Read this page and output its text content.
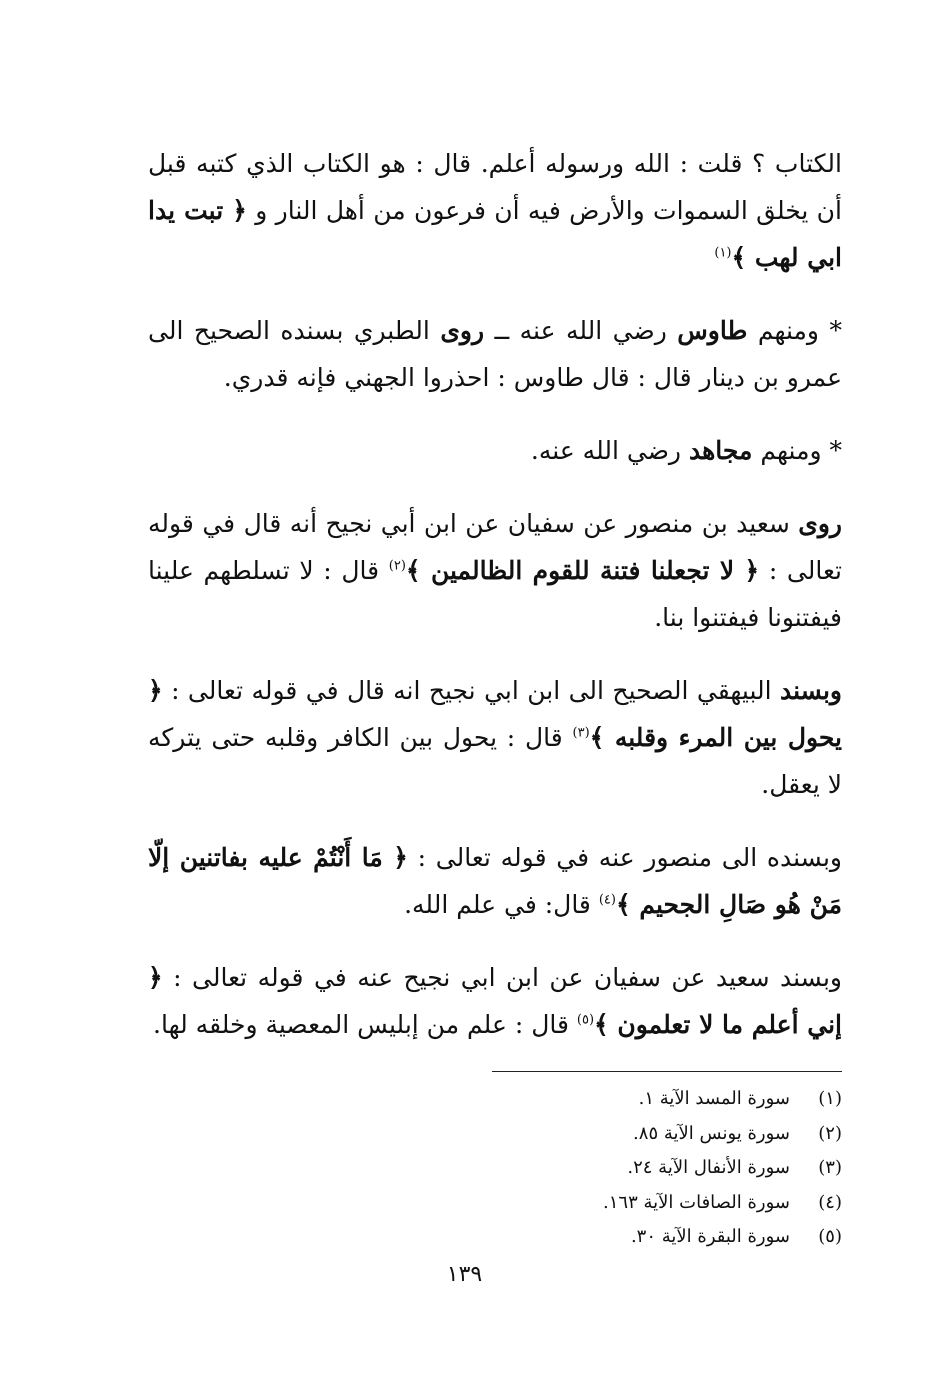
الكتاب ؟ قلت : الله ورسوله أعلم. قال : هو الكتاب الذي كتبه قبل أن يخلق السموات والأرض فيه أن فرعون من أهل النار و ﴿ تبت يدا ابي لهب ﴾$^{(١)}$

* ومنهم طاوس رضي الله عنه ــ روى الطبري بسنده الصحيح الى عمرو بن دينار قال : قال طاوس : احذروا الجهني فإنه قدري.

* ومنهم مجاهد رضي الله عنه.

روى سعيد بن منصور عن سفيان عن ابن أبي نجيح أنه قال في قوله تعالى : ﴿ لا تجعلنا فتنة للقوم الظالمين ﴾$^{(٢)}$ قال : لا تسلطهم علينا فيفتنونا فيفتنوا بنا.

وبسند البيهقي الصحيح الى ابن ابي نجيح انه قال في قوله تعالى : ﴿ يحول بين المرء وقلبه ﴾$^{(٣)}$ قال : يحول بين الكافر وقلبه حتى يتركه لا يعقل.

وبسنده الى منصور عنه في قوله تعالى : ﴿ مَا أَنْتُمْ عليه بفاتنين إلّا مَنْ هُو صَالِ الجحيم ﴾$^{(٤)}$ قال: في علم الله.

وبسند سعيد عن سفيان عن ابن ابي نجيح عنه في قوله تعالى : ﴿ إني أعلم ما لا تعلمون ﴾$^{(٥)}$ قال : علم من إبليس المعصية وخلقه لها.

(١)
سورة المسد الآية ١.
(٢)
سورة يونس الآية ٨٥.
(٣)
سورة الأنفال الآية ٢٤.
(٤)
سورة الصافات الآية ١٦٣.
(٥)
سورة البقرة الآية ٣٠.
١٣٩
